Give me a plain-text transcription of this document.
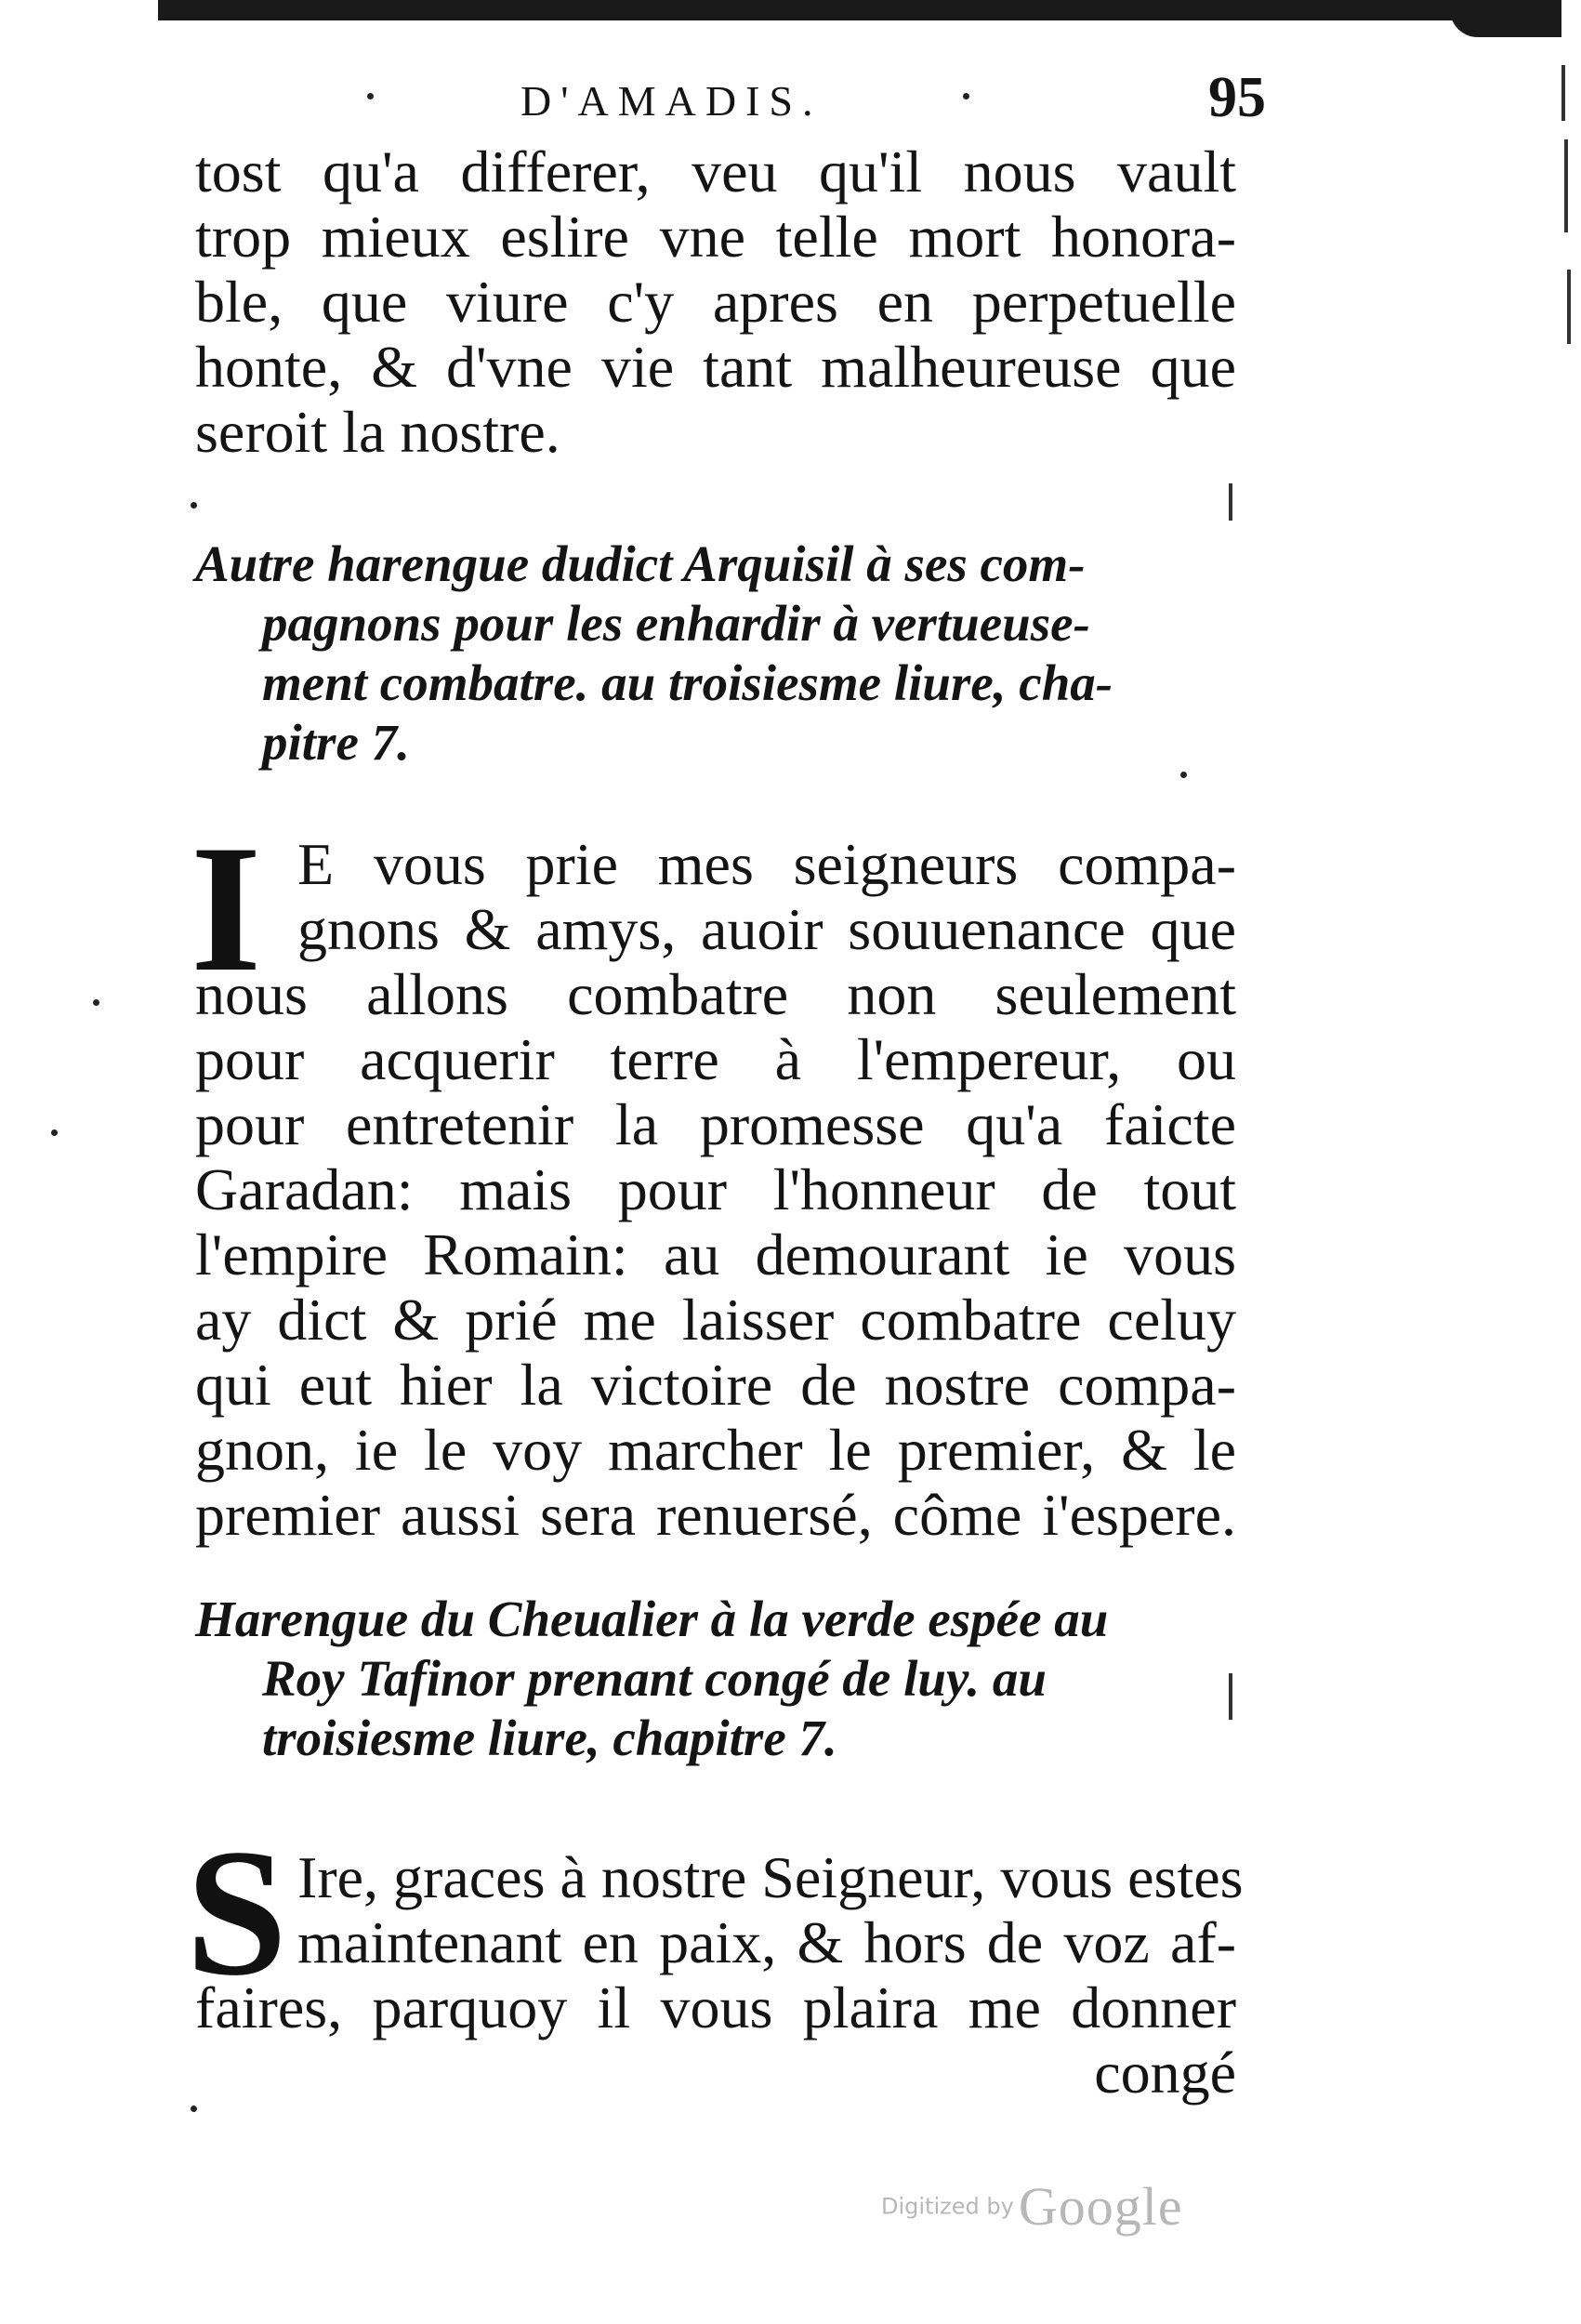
D'AMADIS.	95
tost qu'a differer, veu qu'il nous vault
trop mieux eslire vne telle mort honora-
ble, que viure c'y apres en perpetuelle
honte, & d'vne vie tant malheureuse que
seroit la nostre.
Autre harengue dudict Arquisil à ses com-
pagnons pour les enhardir à vertueuse-
ment combatre. au troisiesme liure, cha-
pitre 7.
I E vous prie mes seigneurs compa-
gnons & amys, auoir souuenance que
nous allons combatre non seulement
pour acquerir terre à l'empereur, ou
pour entretenir la promesse qu'a faicte
Garadan: mais pour l'honneur de tout
l'empire Romain: au demourant ie vous
ay dict & prié me laisser combatre celuy
qui eut hier la victoire de nostre compa-
gnon, ie le voy marcher le premier, & le
premier aussi sera renuersé, côme i'espere.
Harengue du Cheualier à la verde espée au
Roy Tafinor prenant congé de luy. au
troisiesme liure, chapitre 7.
S Ire, graces à nostre Seigneur, vous estes
maintenant en paix, & hors de voz af-
faires, parquoy il vous plaira me donner
congé
Digitized by Google
